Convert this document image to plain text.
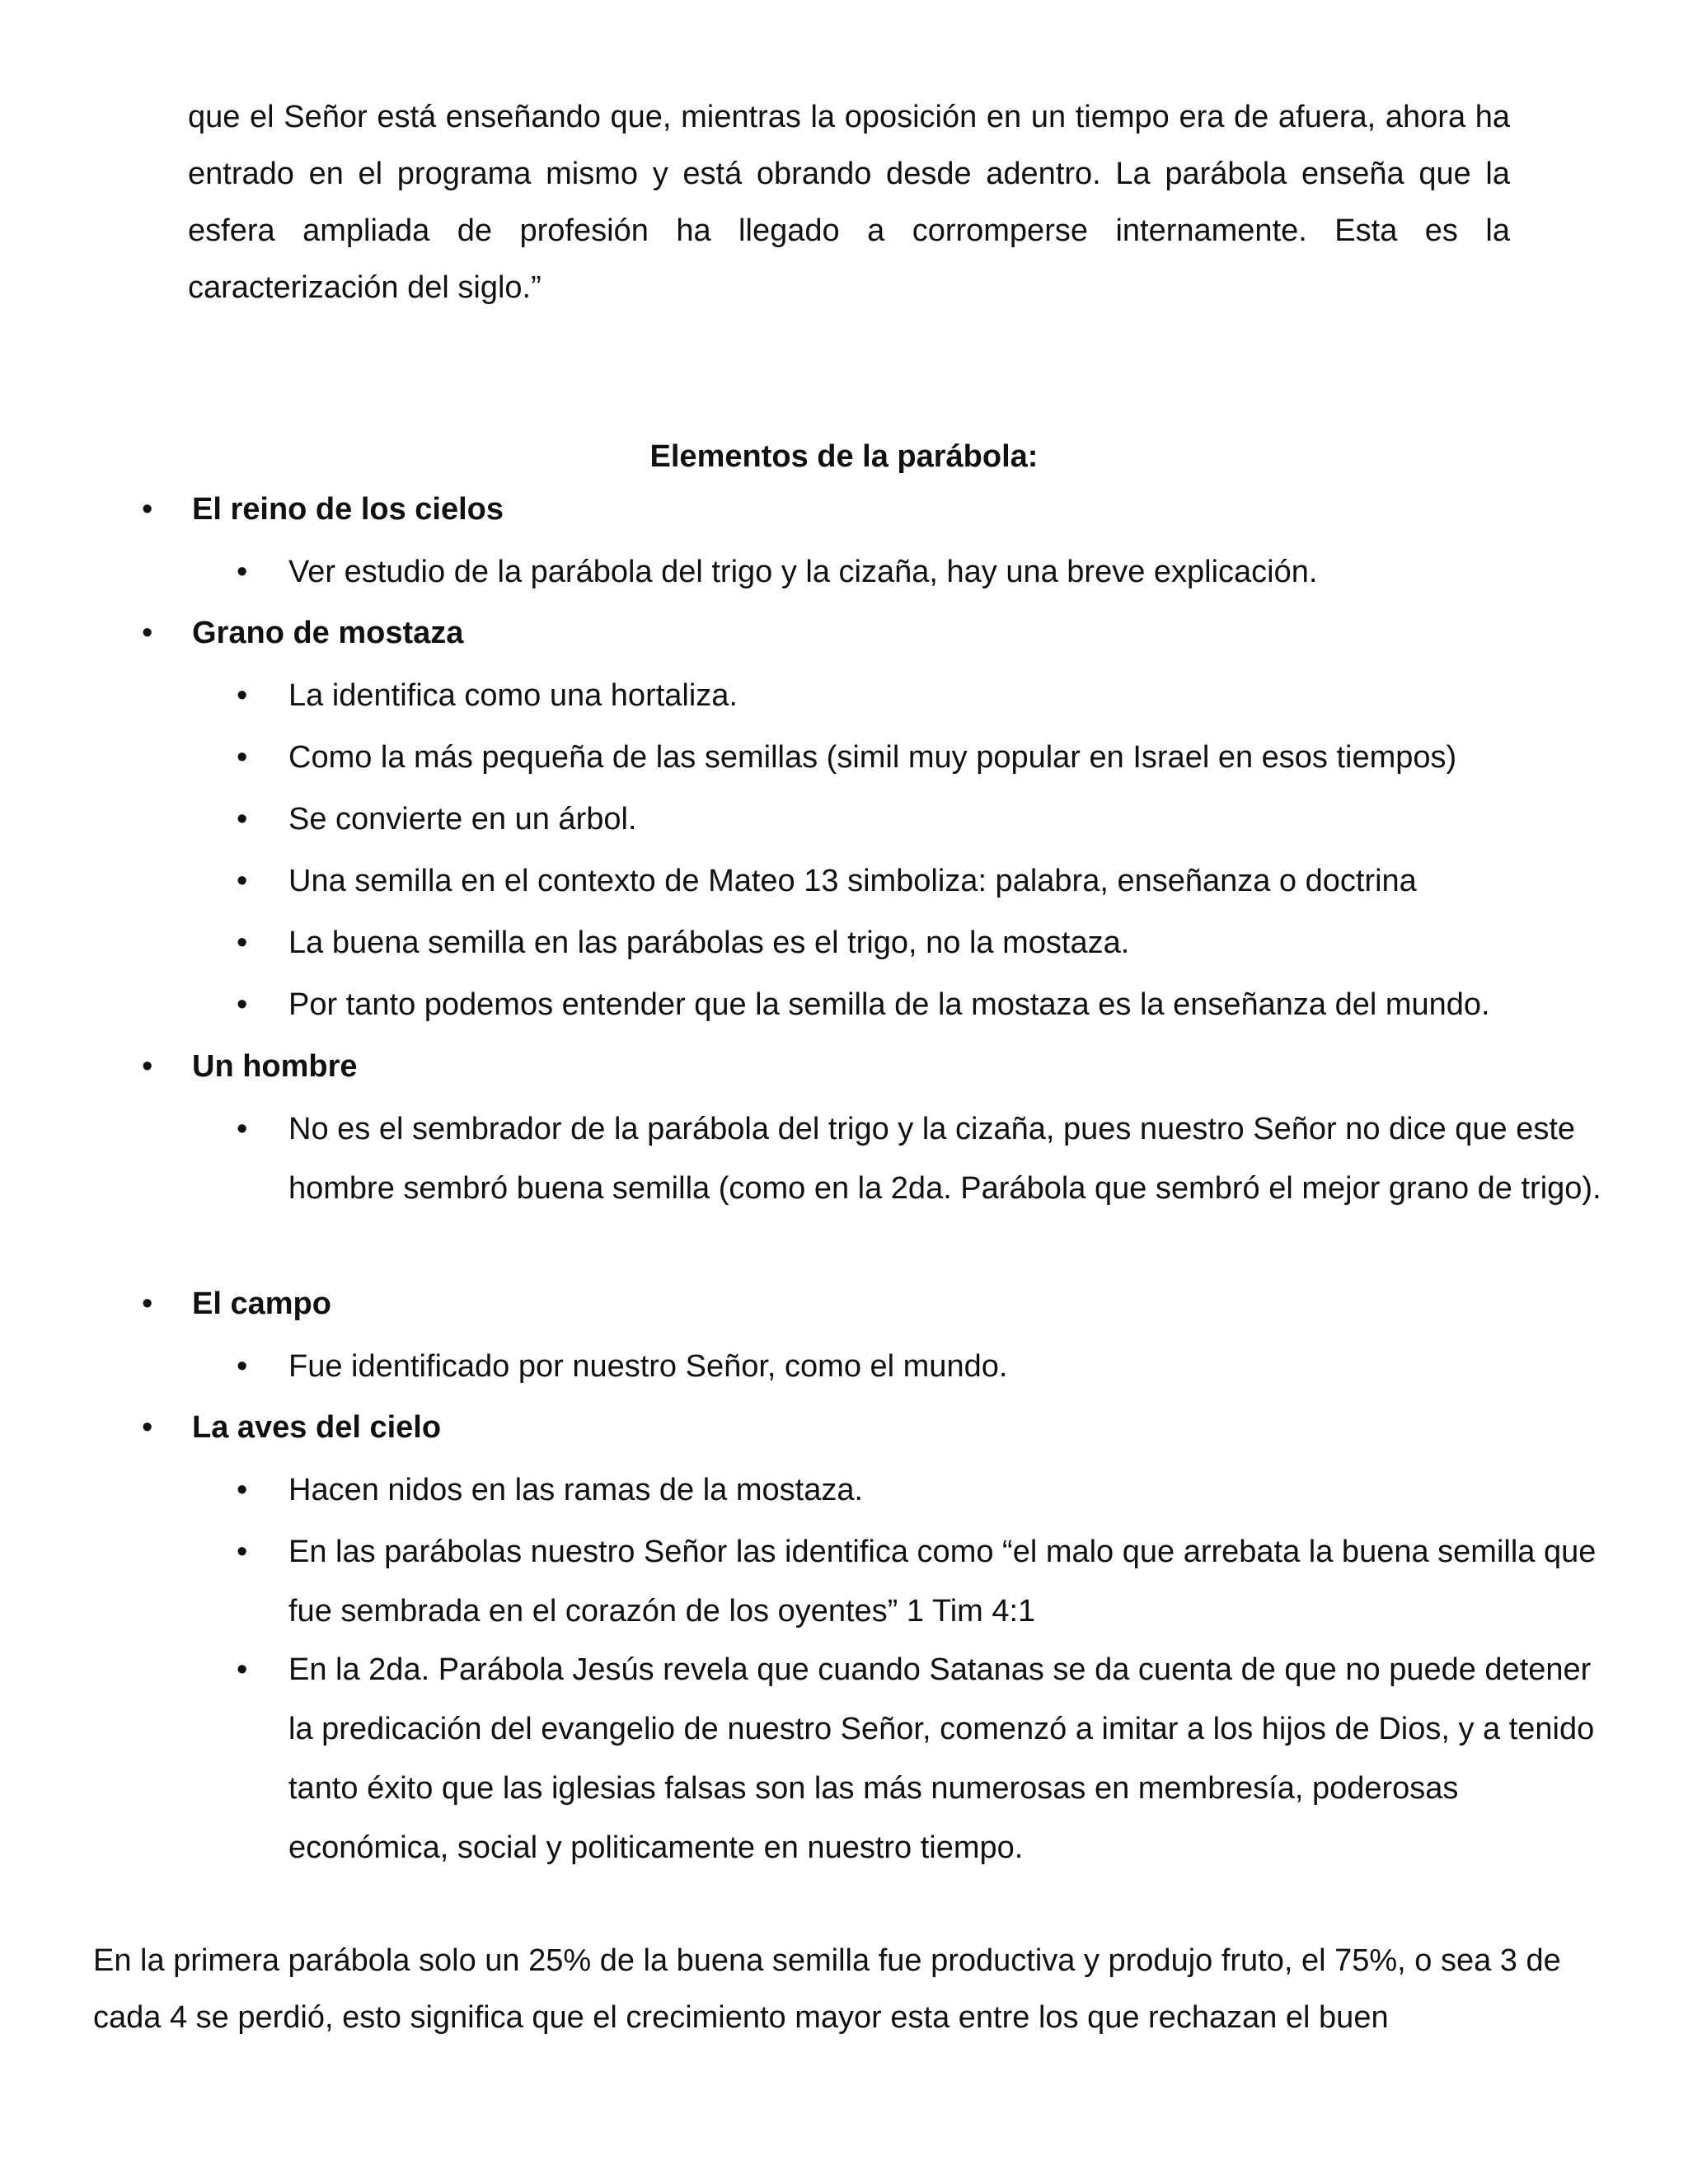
que el Señor está enseñando que, mientras la oposición en un tiempo era de afuera, ahora ha entrado en el programa mismo y está obrando desde adentro. La parábola enseña que la esfera ampliada de profesión ha llegado a corromperse internamente. Esta es la caracterización del siglo.”

Elementos de la parábola:
• El reino de los cielos
• Ver estudio de la parábola del trigo y la cizaña, hay una breve explicación.
• Grano de mostaza
• La identifica como una hortaliza.
• Como la más pequeña de las semillas (simil muy popular en Israel en esos tiempos)
• Se convierte en un árbol.
• Una semilla en el contexto de Mateo 13 simboliza: palabra, enseñanza o doctrina
• La buena semilla en las parábolas es el trigo, no la mostaza.
• Por tanto podemos entender que la semilla de la mostaza es la enseñanza del mundo.
• Un hombre
• No es el sembrador de la parábola del trigo y la cizaña, pues nuestro Señor no dice que este hombre sembró buena semilla (como en la 2da. Parábola que sembró el mejor grano de trigo).
• El campo
• Fue identificado por nuestro Señor, como el mundo.
• La aves del cielo
• Hacen nidos en las ramas de la mostaza.
• En las parábolas nuestro Señor las identifica como “el malo que arrebata la buena semilla que fue sembrada en el corazón de los oyentes” 1 Tim 4:1
• En la 2da. Parábola Jesús revela que cuando Satanas se da cuenta de que no puede detener la predicación del evangelio de nuestro Señor, comenzó a imitar a los hijos de Dios, y a tenido tanto éxito que las iglesias falsas son las más numerosas en membresía, poderosas económica, social y politicamente en nuestro tiempo.

En la primera parábola solo un 25% de la buena semilla fue productiva y produjo fruto, el 75%, o sea 3 de cada 4 se perdió, esto significa que el crecimiento mayor esta entre los que rechazan el buen
